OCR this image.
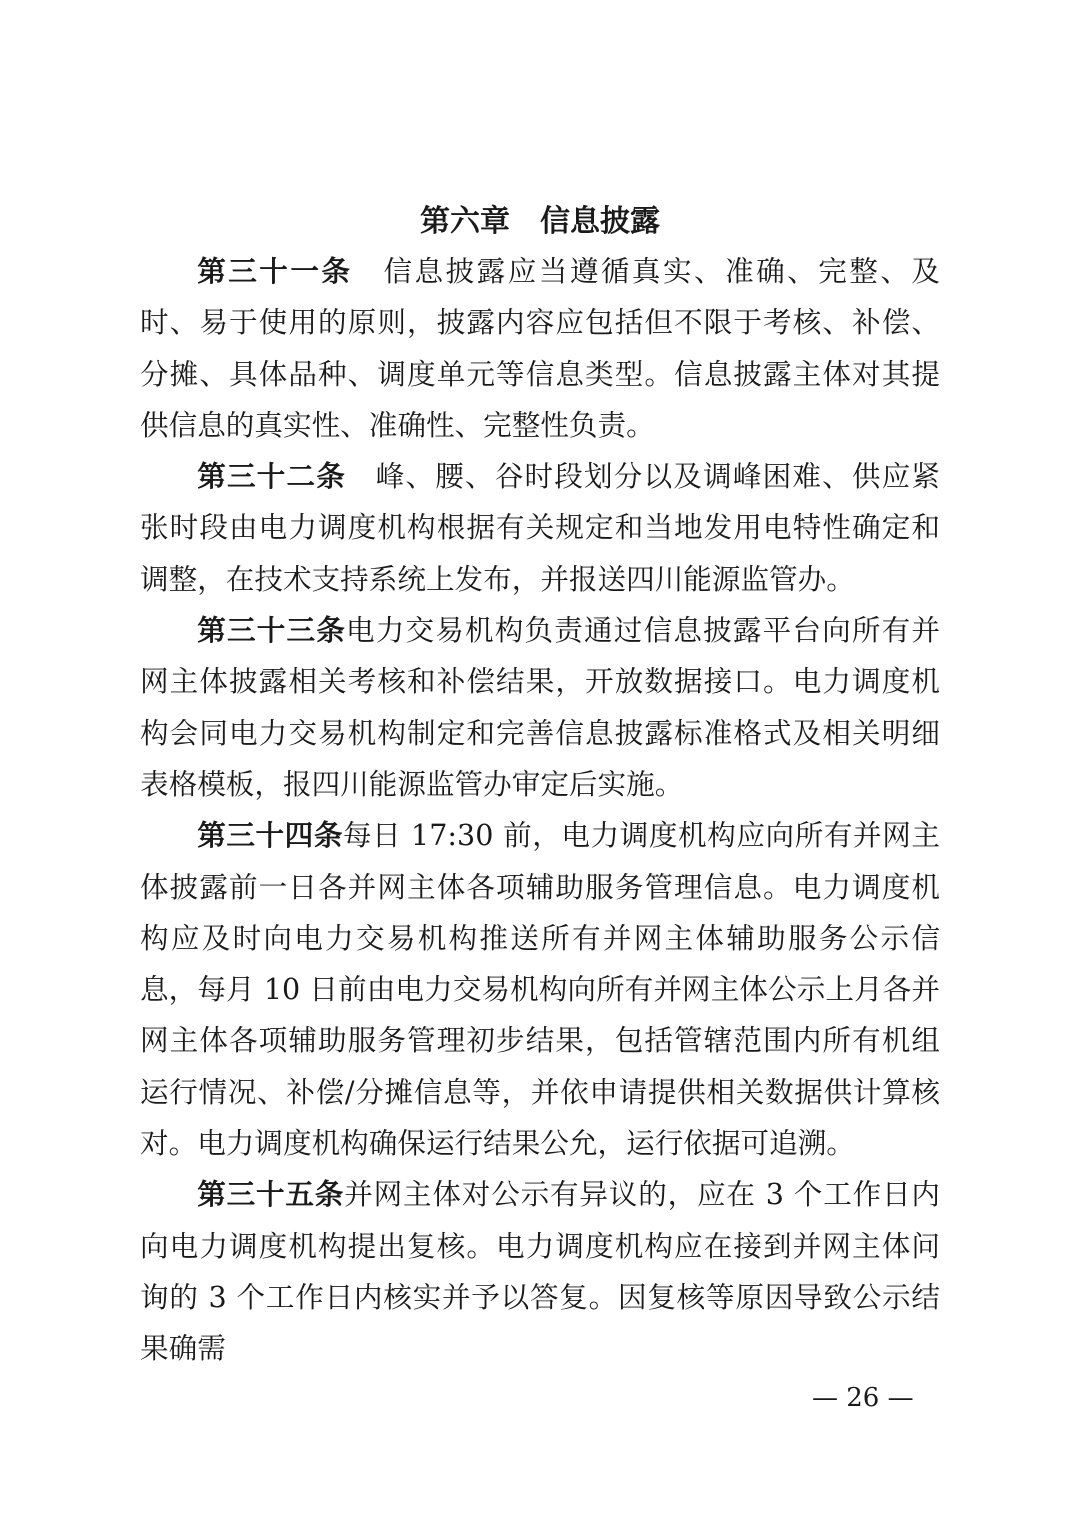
第六章　信息披露

第三十一条 信息披露应当遵循真实、准确、完整、及时、易于使用的原则，披露内容应包括但不限于考核、补偿、分摊、具体品种、调度单元等信息类型。信息披露主体对其提供信息的真实性、准确性、完整性负责。

第三十二条 峰、腰、谷时段划分以及调峰困难、供应紧张时段由电力调度机构根据有关规定和当地发用电特性确定和调整，在技术支持系统上发布，并报送四川能源监管办。

第三十三条电力交易机构负责通过信息披露平台向所有并网主体披露相关考核和补偿结果，开放数据接口。电力调度机构会同电力交易机构制定和完善信息披露标准格式及相关明细表格模板，报四川能源监管办审定后实施。

第三十四条每日 17:30 前，电力调度机构应向所有并网主体披露前一日各并网主体各项辅助服务管理信息。电力调度机构应及时向电力交易机构推送所有并网主体辅助服务公示信息，每月 10 日前由电力交易机构向所有并网主体公示上月各并网主体各项辅助服务管理初步结果，包括管辖范围内所有机组运行情况、补偿/分摊信息等，并依申请提供相关数据供计算核对。电力调度机构确保运行结果公允，运行依据可追溯。

第三十五条并网主体对公示有异议的，应在 3 个工作日内向电力调度机构提出复核。电力调度机构应在接到并网主体问询的 3 个工作日内核实并予以答复。因复核等原因导致公示结果确需

— 26 —
